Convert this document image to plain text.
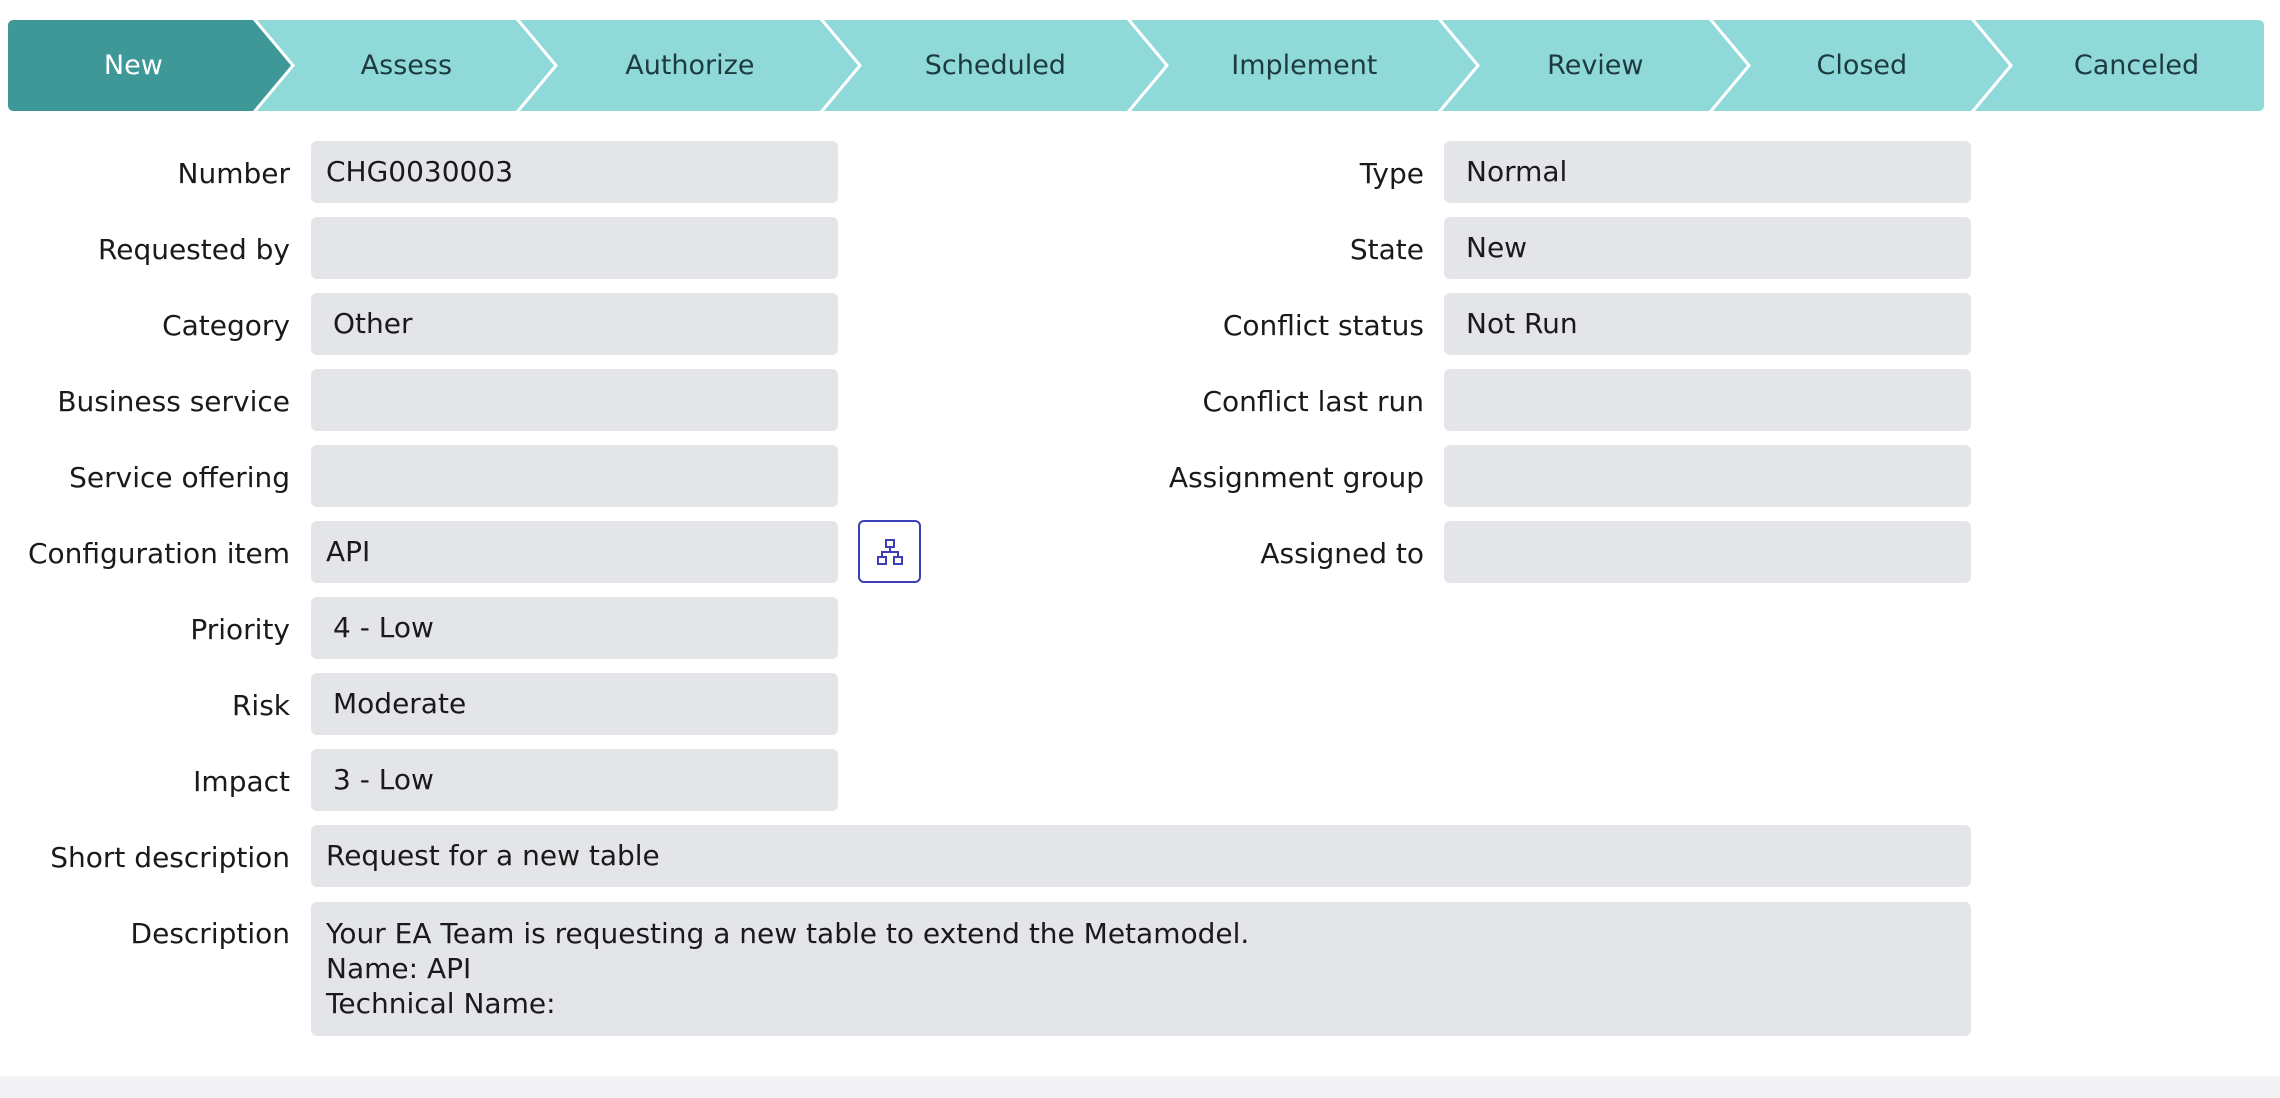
New	Assess	Authorize	Scheduled	Implement	Review	Closed	Canceled
Number	CHG0030003
Requested by
Category	Other
Business service
Service offering
Configuration item	API
Priority	4 - Low
Risk	Moderate
Impact	3 - Low
Type	Normal
State	New
Conflict status	Not Run
Conflict last run
Assignment group
Assigned to
Short description	Request for a new table
Description Your EA Team is requesting a new table to extend the Metamodel.
Name: API
Technical Name:
